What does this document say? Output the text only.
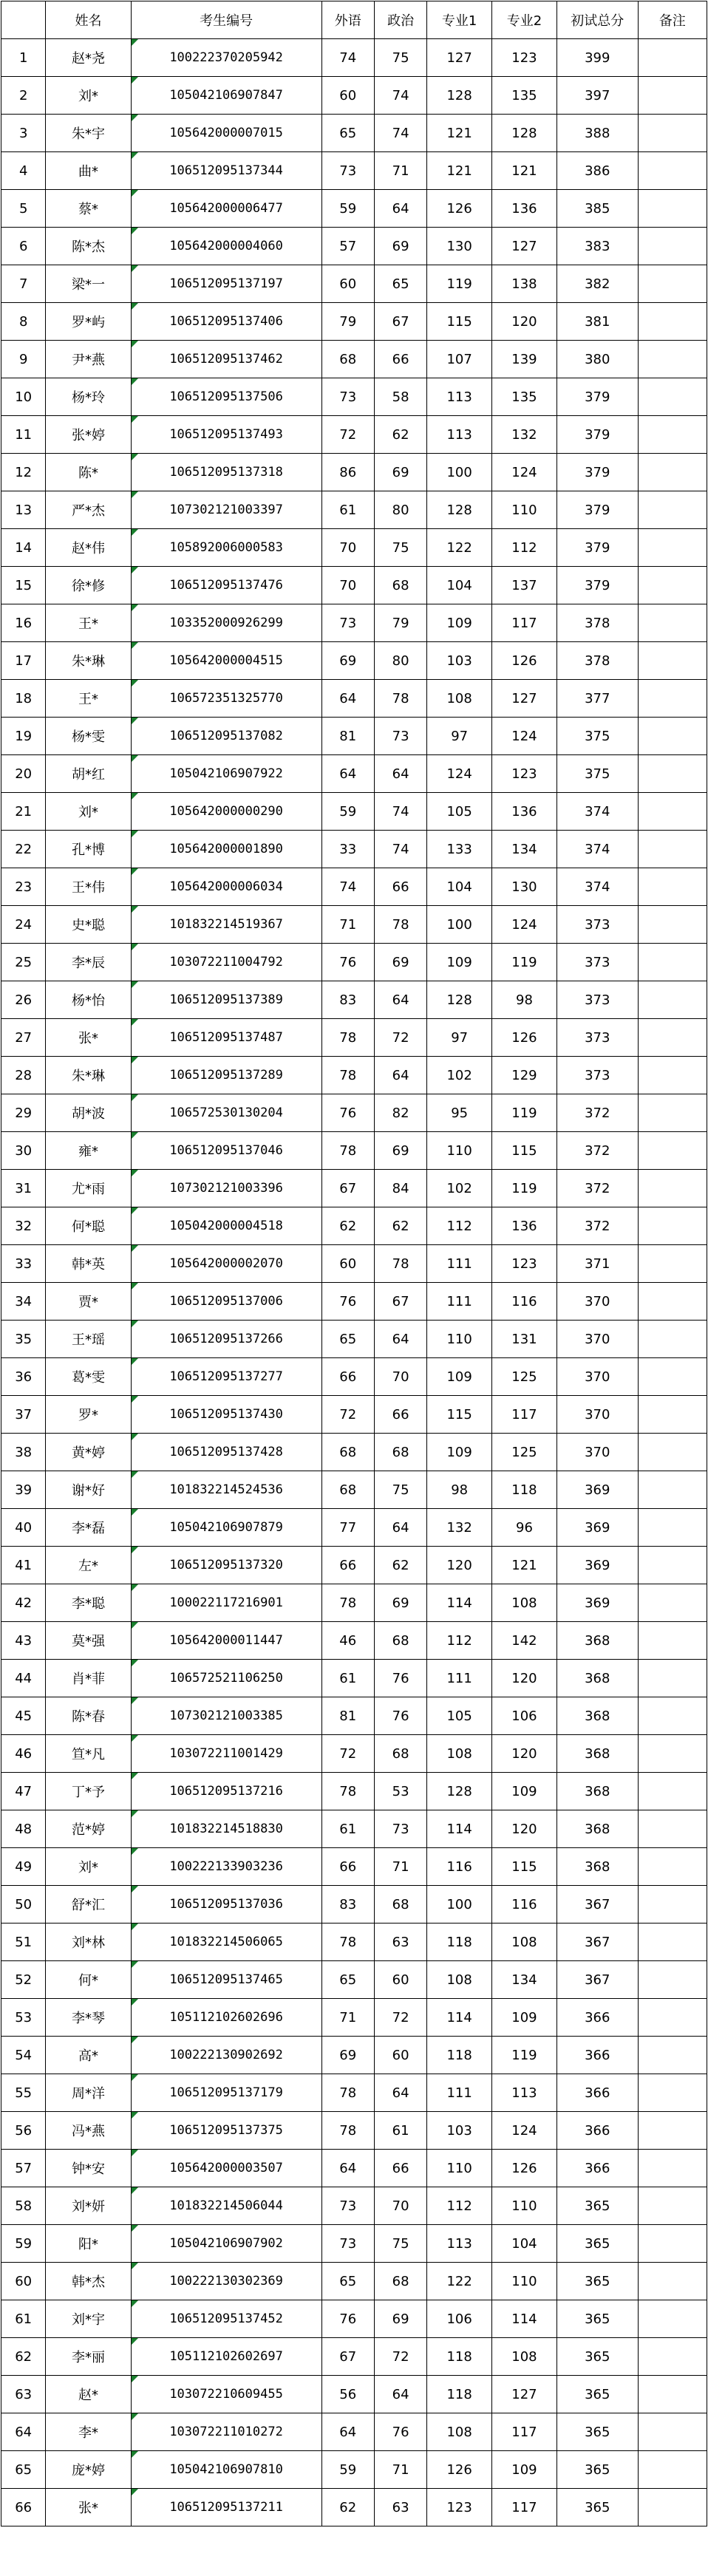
	姓名	考生编号	外语	政治	专业1	专业2	初试总分	备注
1	赵*尧	100222370205942	74	75	127	123	399	
2	刘*	105042106907847	60	74	128	135	397	
3	朱*宇	105642000007015	65	74	121	128	388	
4	曲*	106512095137344	73	71	121	121	386	
5	蔡*	105642000006477	59	64	126	136	385	
6	陈*杰	105642000004060	57	69	130	127	383	
7	梁*一	106512095137197	60	65	119	138	382	
8	罗*屿	106512095137406	79	67	115	120	381	
9	尹*燕	106512095137462	68	66	107	139	380	
10	杨*玲	106512095137506	73	58	113	135	379	
11	张*婷	106512095137493	72	62	113	132	379	
12	陈*	106512095137318	86	69	100	124	379	
13	严*杰	107302121003397	61	80	128	110	379	
14	赵*伟	105892006000583	70	75	122	112	379	
15	徐*修	106512095137476	70	68	104	137	379	
16	王*	103352000926299	73	79	109	117	378	
17	朱*琳	105642000004515	69	80	103	126	378	
18	王*	106572351325770	64	78	108	127	377	
19	杨*雯	106512095137082	81	73	97	124	375	
20	胡*红	105042106907922	64	64	124	123	375	
21	刘*	105642000000290	59	74	105	136	374	
22	孔*博	105642000001890	33	74	133	134	374	
23	王*伟	105642000006034	74	66	104	130	374	
24	史*聪	101832214519367	71	78	100	124	373	
25	李*辰	103072211004792	76	69	109	119	373	
26	杨*怡	106512095137389	83	64	128	98	373	
27	张*	106512095137487	78	72	97	126	373	
28	朱*琳	106512095137289	78	64	102	129	373	
29	胡*波	106572530130204	76	82	95	119	372	
30	雍*	106512095137046	78	69	110	115	372	
31	尤*雨	107302121003396	67	84	102	119	372	
32	何*聪	105042000004518	62	62	112	136	372	
33	韩*英	105642000002070	60	78	111	123	371	
34	贾*	106512095137006	76	67	111	116	370	
35	王*瑶	106512095137266	65	64	110	131	370	
36	葛*雯	106512095137277	66	70	109	125	370	
37	罗*	106512095137430	72	66	115	117	370	
38	黄*婷	106512095137428	68	68	109	125	370	
39	谢*好	101832214524536	68	75	98	118	369	
40	李*磊	105042106907879	77	64	132	96	369	
41	左*	106512095137320	66	62	120	121	369	
42	李*聪	100022117216901	78	69	114	108	369	
43	莫*强	105642000011447	46	68	112	142	368	
44	肖*菲	106572521106250	61	76	111	120	368	
45	陈*春	107302121003385	81	76	105	106	368	
46	笪*凡	103072211001429	72	68	108	120	368	
47	丁*予	106512095137216	78	53	128	109	368	
48	范*婷	101832214518830	61	73	114	120	368	
49	刘*	100222133903236	66	71	116	115	368	
50	舒*汇	106512095137036	83	68	100	116	367	
51	刘*林	101832214506065	78	63	118	108	367	
52	何*	106512095137465	65	60	108	134	367	
53	李*琴	105112102602696	71	72	114	109	366	
54	高*	100222130902692	69	60	118	119	366	
55	周*洋	106512095137179	78	64	111	113	366	
56	冯*燕	106512095137375	78	61	103	124	366	
57	钟*安	105642000003507	64	66	110	126	366	
58	刘*妍	101832214506044	73	70	112	110	365	
59	阳*	105042106907902	73	75	113	104	365	
60	韩*杰	100222130302369	65	68	122	110	365	
61	刘*宇	106512095137452	76	69	106	114	365	
62	李*丽	105112102602697	67	72	118	108	365	
63	赵*	103072210609455	56	64	118	127	365	
64	李*	103072211010272	64	76	108	117	365	
65	庞*婷	105042106907810	59	71	126	109	365	
66	张*	106512095137211	62	63	123	117	365	
